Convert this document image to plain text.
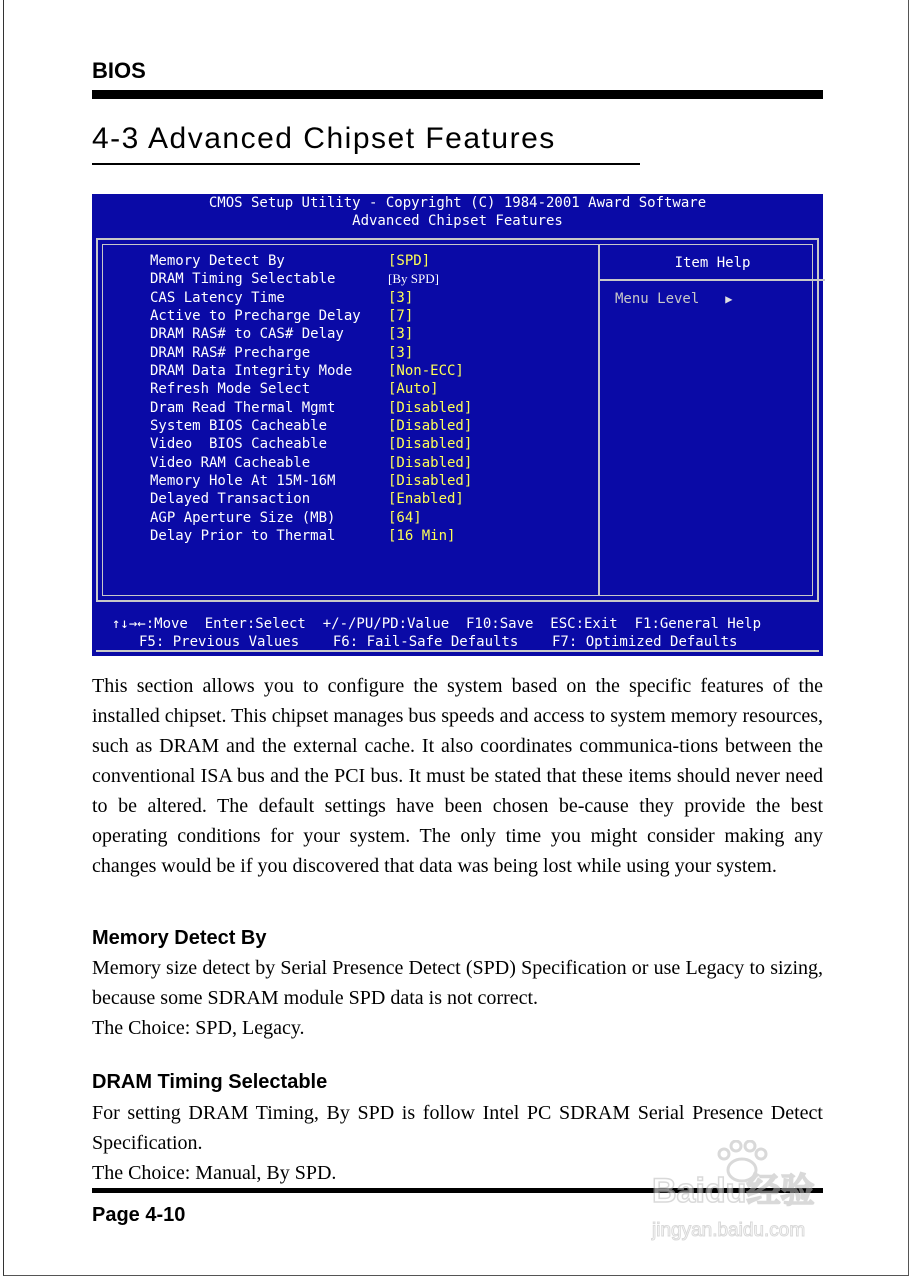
BIOS
4-3 Advanced Chipset Features
CMOS Setup Utility - Copyright (C) 1984-2001 Award Software
Advanced Chipset Features
Item Help
Menu Level ▶
Memory Detect By	[SPD]
DRAM Timing Selectable	[By SPD]
CAS Latency Time	[3]
Active to Precharge Delay [7]
DRAM RAS# to CAS# Delay	[3]
DRAM RAS# Precharge	[3]
DRAM Data Integrity Mode	[Non-ECC]
Refresh Mode Select	[Auto]
Dram Read Thermal Mgmt	[Disabled]
System BIOS Cacheable	[Disabled]
Video  BIOS Cacheable	[Disabled]
Video RAM Cacheable	[Disabled]
Memory Hole At 15M-16M	[Disabled]
Delayed Transaction	[Enabled]
AGP Aperture Size (MB)	[64]
Delay Prior to Thermal	[16 Min]
↑↓→←:Move  Enter:Select  +/-/PU/PD:Value  F10:Save  ESC:Exit  F1:General Help
F5: Previous Values    F6: Fail-Safe Defaults    F7: Optimized Defaults
This section allows you to configure the system based on the specific features of the installed chipset. This chipset manages bus speeds and access to system memory resources, such as DRAM and the external cache. It also coordinates communica-tions between the conventional ISA bus and the PCI bus. It must be stated that these items should never need to be altered. The default settings have been chosen be-cause they provide the best operating conditions for your system. The only time you might consider making any changes would be if you discovered that data was being lost while using your system.
Memory Detect By
Memory size detect by Serial Presence Detect (SPD) Specification or use Legacy to sizing, because some SDRAM module SPD data is not correct.
The Choice: SPD, Legacy.
DRAM Timing Selectable
For setting DRAM Timing, By SPD is follow Intel PC SDRAM Serial Presence Detect Specification.
The Choice: Manual, By SPD.
Page 4-10
Baidu经验
jingyan.baidu.com
